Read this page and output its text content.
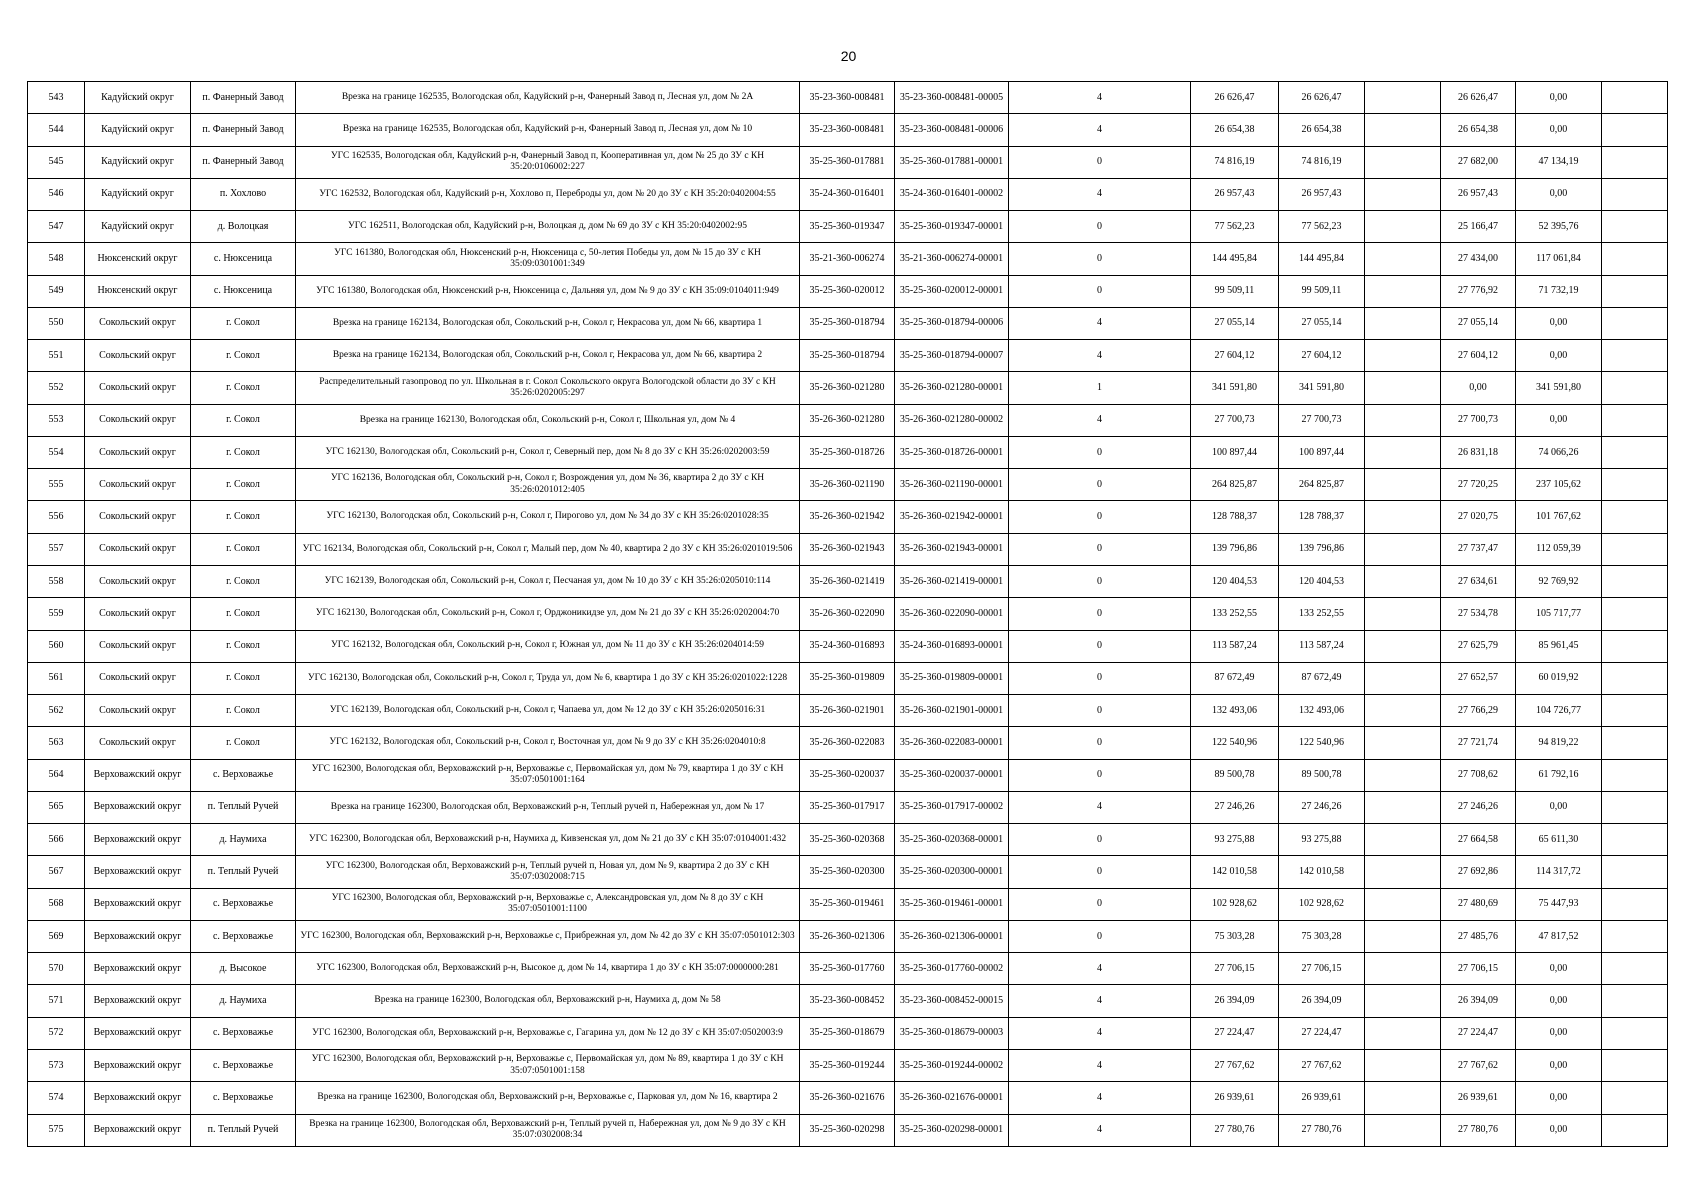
20
543	Кадуйский округ	п. Фанерный Завод	Врезка на границе 162535, Вологодская обл, Кадуйский р-н, Фанерный Завод п, Лесная ул, дом № 2А	35-23-360-008481	35-23-360-008481-00005	4	26 626,47	26 626,47		26 626,47	0,00	
544	Кадуйский округ	п. Фанерный Завод	Врезка на границе 162535, Вологодская обл, Кадуйский р-н, Фанерный Завод п, Лесная ул, дом № 10	35-23-360-008481	35-23-360-008481-00006	4	26 654,38	26 654,38		26 654,38	0,00	
545	Кадуйский округ	п. Фанерный Завод	УГС 162535, Вологодская обл, Кадуйский р-н, Фанерный Завод п, Кооперативная ул, дом № 25 до ЗУ с КН 35:20:0106002:227	35-25-360-017881	35-25-360-017881-00001	0	74 816,19	74 816,19		27 682,00	47 134,19	
546	Кадуйский округ	п. Хохлово	УГС 162532, Вологодская обл, Кадуйский р-н, Хохлово п, Переброды ул, дом № 20 до ЗУ с КН 35:20:0402004:55	35-24-360-016401	35-24-360-016401-00002	4	26 957,43	26 957,43		26 957,43	0,00	
547	Кадуйский округ	д. Волоцкая	УГС 162511, Вологодская обл, Кадуйский р-н, Волоцкая д, дом № 69 до ЗУ с КН 35:20:0402002:95	35-25-360-019347	35-25-360-019347-00001	0	77 562,23	77 562,23		25 166,47	52 395,76	
548	Нюксенский округ	с. Нюксеница	УГС 161380, Вологодская обл, Нюксенский р-н, Нюксеница с, 50-летия Победы ул, дом № 15 до ЗУ с КН 35:09:0301001:349	35-21-360-006274	35-21-360-006274-00001	0	144 495,84	144 495,84		27 434,00	117 061,84	
549	Нюксенский округ	с. Нюксеница	УГС 161380, Вологодская обл, Нюксенский р-н, Нюксеница с, Дальняя ул, дом № 9 до ЗУ с КН 35:09:0104011:949	35-25-360-020012	35-25-360-020012-00001	0	99 509,11	99 509,11		27 776,92	71 732,19	
550	Сокольский округ	г. Сокол	Врезка на границе 162134, Вологодская обл, Сокольский р-н, Сокол г, Некрасова ул, дом № 66, квартира 1	35-25-360-018794	35-25-360-018794-00006	4	27 055,14	27 055,14		27 055,14	0,00	
551	Сокольский округ	г. Сокол	Врезка на границе 162134, Вологодская обл, Сокольский р-н, Сокол г, Некрасова ул, дом № 66, квартира 2	35-25-360-018794	35-25-360-018794-00007	4	27 604,12	27 604,12		27 604,12	0,00	
552	Сокольский округ	г. Сокол	Распределительный газопровод по ул. Школьная в г. Сокол Сокольского округа Вологодской области до ЗУ с КН 35:26:0202005:297	35-26-360-021280	35-26-360-021280-00001	1	341 591,80	341 591,80		0,00	341 591,80	
553	Сокольский округ	г. Сокол	Врезка на границе 162130, Вологодская обл, Сокольский р-н, Сокол г, Школьная ул, дом № 4	35-26-360-021280	35-26-360-021280-00002	4	27 700,73	27 700,73		27 700,73	0,00	
554	Сокольский округ	г. Сокол	УГС 162130, Вологодская обл, Сокольский р-н, Сокол г, Северный пер, дом № 8 до ЗУ с КН 35:26:0202003:59	35-25-360-018726	35-25-360-018726-00001	0	100 897,44	100 897,44		26 831,18	74 066,26	
555	Сокольский округ	г. Сокол	УГС 162136, Вологодская обл, Сокольский р-н, Сокол г, Возрождения ул, дом № 36, квартира 2 до ЗУ с КН 35:26:0201012:405	35-26-360-021190	35-26-360-021190-00001	0	264 825,87	264 825,87		27 720,25	237 105,62	
556	Сокольский округ	г. Сокол	УГС 162130, Вологодская обл, Сокольский р-н, Сокол г, Пирогово ул, дом № 34 до ЗУ с КН 35:26:0201028:35	35-26-360-021942	35-26-360-021942-00001	0	128 788,37	128 788,37		27 020,75	101 767,62	
557	Сокольский округ	г. Сокол	УГС 162134, Вологодская обл, Сокольский р-н, Сокол г, Малый пер, дом № 40, квартира 2 до ЗУ с КН 35:26:0201019:506	35-26-360-021943	35-26-360-021943-00001	0	139 796,86	139 796,86		27 737,47	112 059,39	
558	Сокольский округ	г. Сокол	УГС 162139, Вологодская обл, Сокольский р-н, Сокол г, Песчаная ул, дом № 10 до ЗУ с КН 35:26:0205010:114	35-26-360-021419	35-26-360-021419-00001	0	120 404,53	120 404,53		27 634,61	92 769,92	
559	Сокольский округ	г. Сокол	УГС 162130, Вологодская обл, Сокольский р-н, Сокол г, Орджоникидзе ул, дом № 21 до ЗУ с КН 35:26:0202004:70	35-26-360-022090	35-26-360-022090-00001	0	133 252,55	133 252,55		27 534,78	105 717,77	
560	Сокольский округ	г. Сокол	УГС 162132, Вологодская обл, Сокольский р-н, Сокол г, Южная ул, дом № 11 до ЗУ с КН 35:26:0204014:59	35-24-360-016893	35-24-360-016893-00001	0	113 587,24	113 587,24		27 625,79	85 961,45	
561	Сокольский округ	г. Сокол	УГС 162130, Вологодская обл, Сокольский р-н, Сокол г, Труда ул, дом № 6, квартира 1 до ЗУ с КН 35:26:0201022:1228	35-25-360-019809	35-25-360-019809-00001	0	87 672,49	87 672,49		27 652,57	60 019,92	
562	Сокольский округ	г. Сокол	УГС 162139, Вологодская обл, Сокольский р-н, Сокол г, Чапаева ул, дом № 12 до ЗУ с КН 35:26:0205016:31	35-26-360-021901	35-26-360-021901-00001	0	132 493,06	132 493,06		27 766,29	104 726,77	
563	Сокольский округ	г. Сокол	УГС 162132, Вологодская обл, Сокольский р-н, Сокол г, Восточная ул, дом № 9 до ЗУ с КН 35:26:0204010:8	35-26-360-022083	35-26-360-022083-00001	0	122 540,96	122 540,96		27 721,74	94 819,22	
564	Верховажский округ	с. Верховажье	УГС 162300, Вологодская обл, Верховажский р-н, Верховажье с, Первомайская ул, дом № 79, квартира 1 до ЗУ с КН 35:07:0501001:164	35-25-360-020037	35-25-360-020037-00001	0	89 500,78	89 500,78		27 708,62	61 792,16	
565	Верховажский округ	п. Теплый Ручей	Врезка на границе 162300, Вологодская обл, Верховажский р-н, Теплый ручей п, Набережная ул, дом № 17	35-25-360-017917	35-25-360-017917-00002	4	27 246,26	27 246,26		27 246,26	0,00	
566	Верховажский округ	д. Наумиха	УГС 162300, Вологодская обл, Верховажский р-н, Наумиха д, Кивзенская ул, дом № 21 до ЗУ с КН 35:07:0104001:432	35-25-360-020368	35-25-360-020368-00001	0	93 275,88	93 275,88		27 664,58	65 611,30	
567	Верховажский округ	п. Теплый Ручей	УГС 162300, Вологодская обл, Верховажский р-н, Теплый ручей п, Новая ул, дом № 9, квартира 2 до ЗУ с КН 35:07:0302008:715	35-25-360-020300	35-25-360-020300-00001	0	142 010,58	142 010,58		27 692,86	114 317,72	
568	Верховажский округ	с. Верховажье	УГС 162300, Вологодская обл, Верховажский р-н, Верховажье с, Александровская ул, дом № 8 до ЗУ с КН 35:07:0501001:1100	35-25-360-019461	35-25-360-019461-00001	0	102 928,62	102 928,62		27 480,69	75 447,93	
569	Верховажский округ	с. Верховажье	УГС 162300, Вологодская обл, Верховажский р-н, Верховажье с, Прибрежная ул, дом № 42 до ЗУ с КН 35:07:0501012:303	35-26-360-021306	35-26-360-021306-00001	0	75 303,28	75 303,28		27 485,76	47 817,52	
570	Верховажский округ	д. Высокое	УГС 162300, Вологодская обл, Верховажский р-н, Высокое д, дом № 14, квартира 1 до ЗУ с КН 35:07:0000000:281	35-25-360-017760	35-25-360-017760-00002	4	27 706,15	27 706,15		27 706,15	0,00	
571	Верховажский округ	д. Наумиха	Врезка на границе 162300, Вологодская обл, Верховажский р-н, Наумиха д, дом № 58	35-23-360-008452	35-23-360-008452-00015	4	26 394,09	26 394,09		26 394,09	0,00	
572	Верховажский округ	с. Верховажье	УГС 162300, Вологодская обл, Верховажский р-н, Верховажье с, Гагарина ул, дом № 12 до ЗУ с КН 35:07:0502003:9	35-25-360-018679	35-25-360-018679-00003	4	27 224,47	27 224,47		27 224,47	0,00	
573	Верховажский округ	с. Верховажье	УГС 162300, Вологодская обл, Верховажский р-н, Верховажье с, Первомайская ул, дом № 89, квартира 1 до ЗУ с КН 35:07:0501001:158	35-25-360-019244	35-25-360-019244-00002	4	27 767,62	27 767,62		27 767,62	0,00	
574	Верховажский округ	с. Верховажье	Врезка на границе 162300, Вологодская обл, Верховажский р-н, Верховажье с, Парковая ул, дом № 16, квартира 2	35-26-360-021676	35-26-360-021676-00001	4	26 939,61	26 939,61		26 939,61	0,00	
575	Верховажский округ	п. Теплый Ручей	Врезка на границе 162300, Вологодская обл, Верховажский р-н, Теплый ручей п, Набережная ул, дом № 9 до ЗУ с КН 35:07:0302008:34	35-25-360-020298	35-25-360-020298-00001	4	27 780,76	27 780,76		27 780,76	0,00	
